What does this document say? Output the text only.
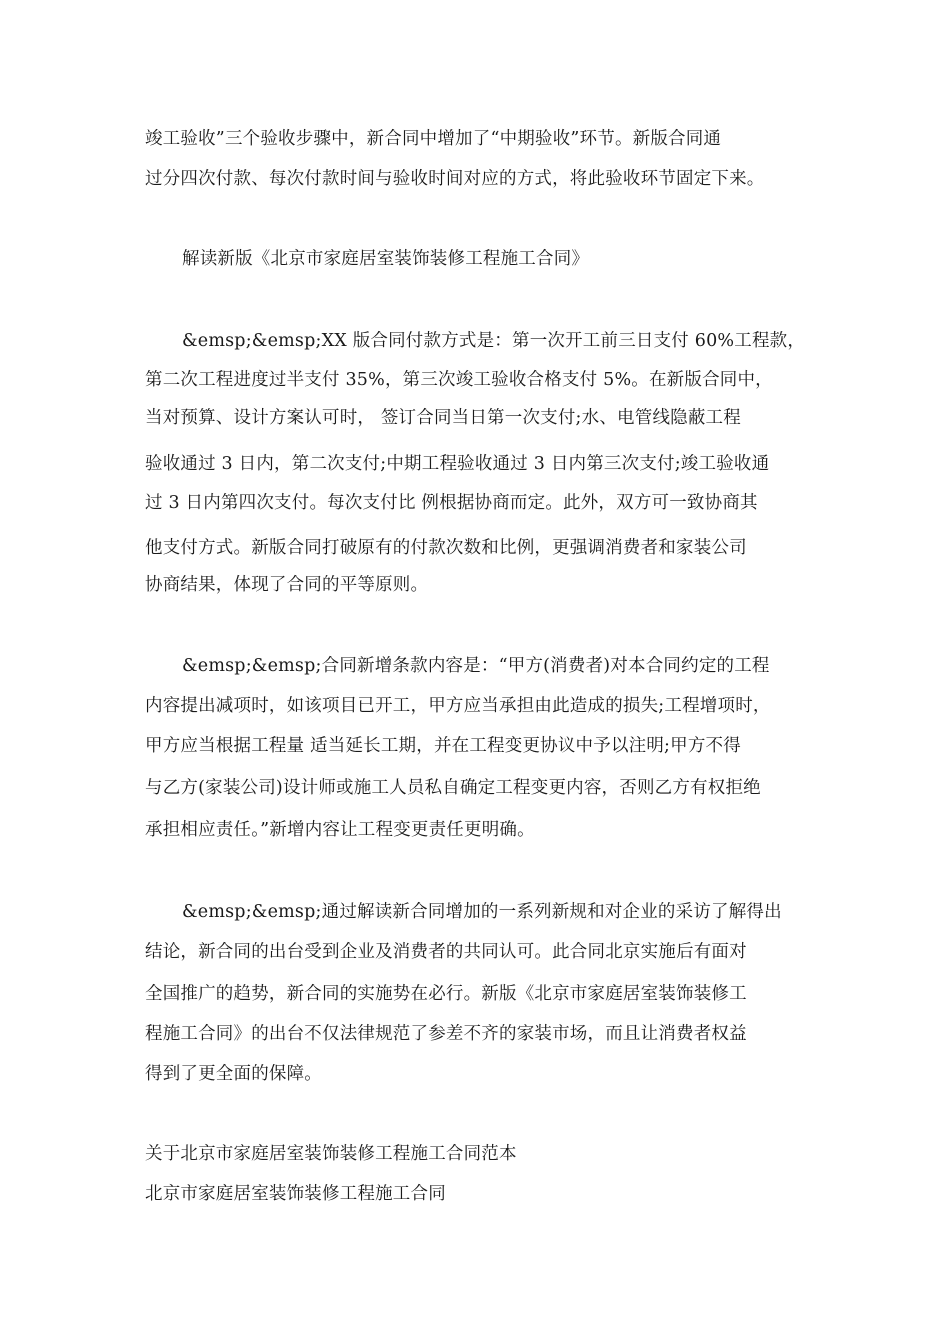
竣工验收”三个验收步骤中，新合同中增加了“中期验收”环节。新版合同通
过分四次付款、每次付款时间与验收时间对应的方式，将此验收环节固定下来。
解读新版《北京市家庭居室装饰装修工程施工合同》
&emsp;&emsp;XX 版合同付款方式是：第一次开工前三日支付 60%工程款，
第二次工程进度过半支付 35%，第三次竣工验收合格支付 5%。在新版合同中，
当对预算、设计方案认可时， 签订合同当日第一次支付;水、电管线隐蔽工程
验收通过 3 日内，第二次支付;中期工程验收通过 3 日内第三次支付;竣工验收通
过 3 日内第四次支付。每次支付比 例根据协商而定。此外，双方可一致协商其
他支付方式。新版合同打破原有的付款次数和比例，更强调消费者和家装公司
协商结果，体现了合同的平等原则。
&emsp;&emsp;合同新增条款内容是：“甲方(消费者)对本合同约定的工程
内容提出减项时，如该项目已开工，甲方应当承担由此造成的损失;工程增项时，
甲方应当根据工程量 适当延长工期，并在工程变更协议中予以注明;甲方不得
与乙方(家装公司)设计师或施工人员私自确定工程变更内容，否则乙方有权拒绝
承担相应责任。”新增内容让工程变更责任更明确。
&emsp;&emsp;通过解读新合同增加的一系列新规和对企业的采访了解得出
结论，新合同的出台受到企业及消费者的共同认可。此合同北京实施后有面对
全国推广的趋势，新合同的实施势在必行。新版《北京市家庭居室装饰装修工
程施工合同》的出台不仅法律规范了参差不齐的家装市场，而且让消费者权益
得到了更全面的保障。
关于北京市家庭居室装饰装修工程施工合同范本
北京市家庭居室装饰装修工程施工合同
